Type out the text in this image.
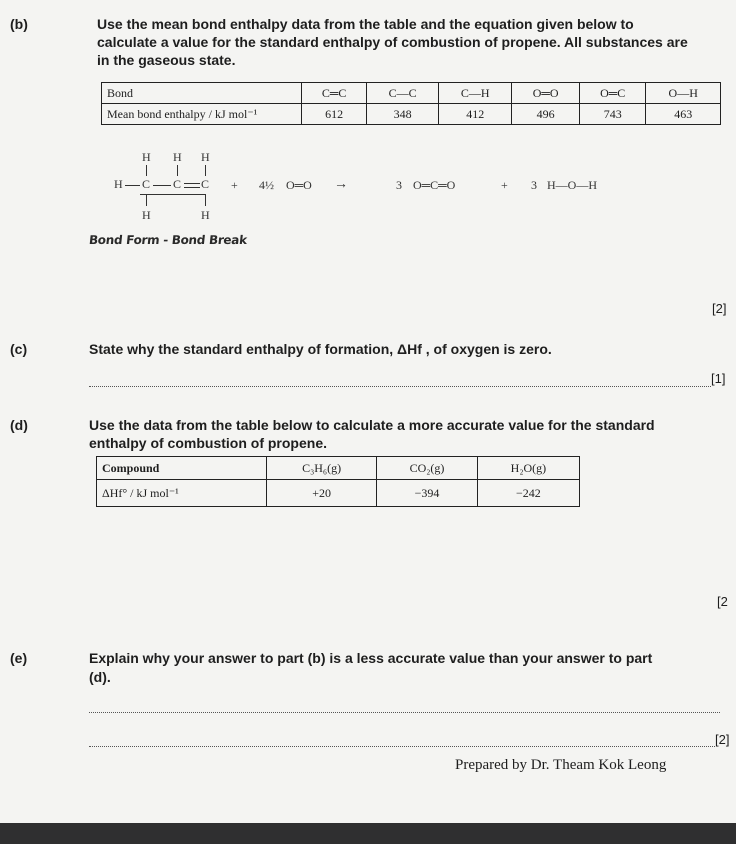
(b)	Use the mean bond enthalpy data from the table and the equation given below to
calculate a value for the standard enthalpy of combustion of propene. All substances are
in the gaseous state.
Bond	C═C	C—C	C—H	O═O	O═C	O—H
Mean bond enthalpy / kJ mol⁻¹	612	348	412	496	743	463
H H H
H C C C
H	H
+ 4½ O═O →	3 O═C═O	+ 3 H—O—H
Bond Form - Bond Break
[2]
(c)	State why the standard enthalpy of formation, ΔHf , of oxygen is zero.
[1]
(d)	Use the data from the table below to calculate a more accurate value for the standard
enthalpy of combustion of propene.
Compound	C₃H₆(g)	CO₂(g)	H₂O(g)
ΔHf° / kJ mol⁻¹	+20	−394	−242
[2
(e)	Explain why your answer to part (b) is a less accurate value than your answer to part
(d).
[2]
Prepared by Dr. Theam Kok Leong
